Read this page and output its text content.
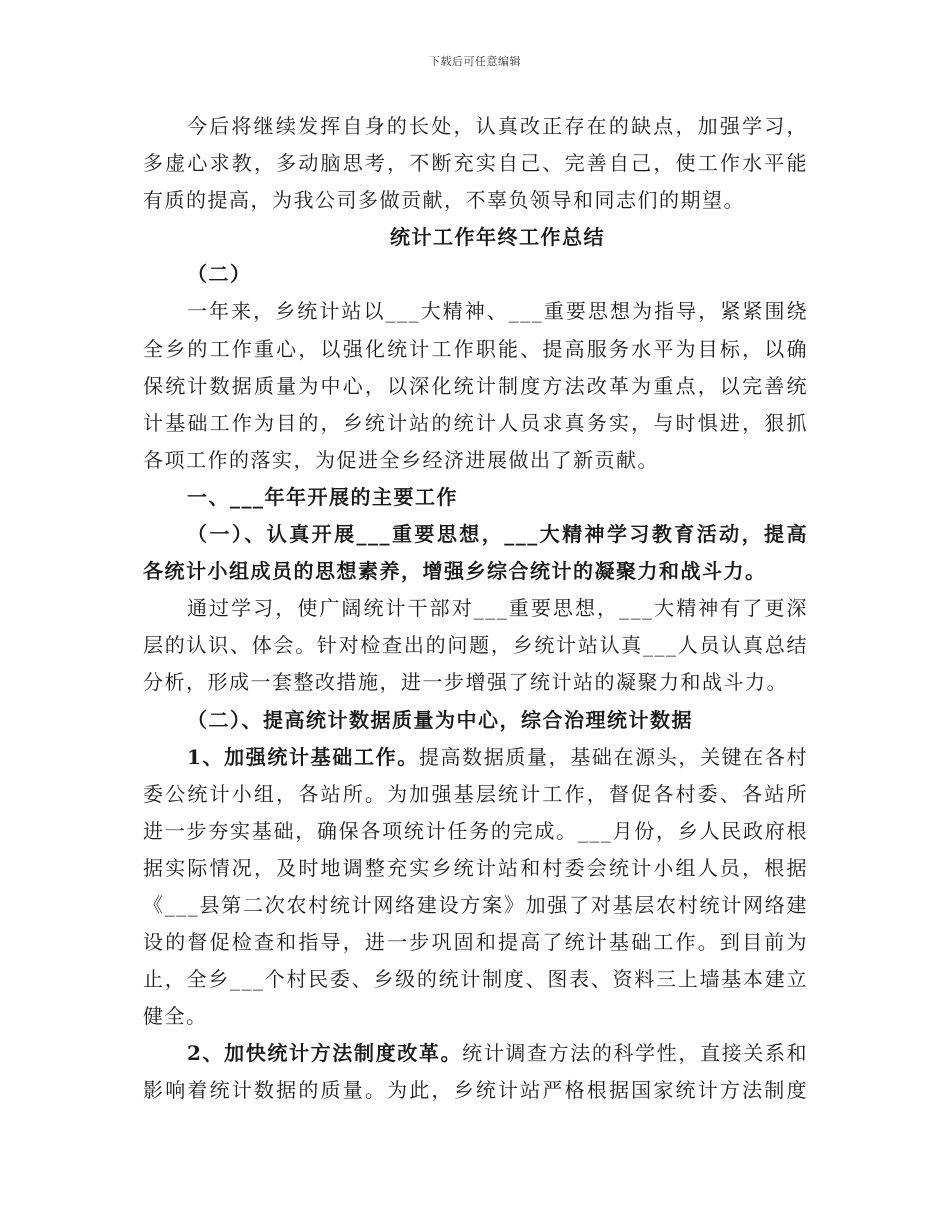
下载后可任意编辑
今后将继续发挥自身的长处，认真改正存在的缺点，加强学习，
多虚心求教，多动脑思考，不断充实自己、完善自己，使工作水平能
有质的提高，为我公司多做贡献，不辜负领导和同志们的期望。
统计工作年终工作总结
（二）
一年来，乡统计站以___大精神、___重要思想为指导，紧紧围绕
全乡的工作重心，以强化统计工作职能、提高服务水平为目标，以确
保统计数据质量为中心，以深化统计制度方法改革为重点，以完善统
计基础工作为目的，乡统计站的统计人员求真务实，与时惧进，狠抓
各项工作的落实，为促进全乡经济进展做出了新贡献。
一、___年年开展的主要工作
（一）、认真开展___重要思想，___大精神学习教育活动，提高
各统计小组成员的思想素养，增强乡综合统计的凝聚力和战斗力。
通过学习，使广阔统计干部对___重要思想，___大精神有了更深
层的认识、体会。针对检查出的问题，乡统计站认真___人员认真总结
分析，形成一套整改措施，进一步增强了统计站的凝聚力和战斗力。
（二）、提高统计数据质量为中心，综合治理统计数据
1、加强统计基础工作。提高数据质量，基础在源头，关键在各村
委公统计小组，各站所。为加强基层统计工作，督促各村委、各站所
进一步夯实基础，确保各项统计任务的完成。___月份，乡人民政府根
据实际情况，及时地调整充实乡统计站和村委会统计小组人员，根据
《___县第二次农村统计网络建设方案》加强了对基层农村统计网络建
设的督促检查和指导，进一步巩固和提高了统计基础工作。到目前为
止，全乡___个村民委、乡级的统计制度、图表、资料三上墙基本建立
健全。
2、加快统计方法制度改革。统计调查方法的科学性，直接关系和
影响着统计数据的质量。为此，乡统计站严格根据国家统计方法制度
